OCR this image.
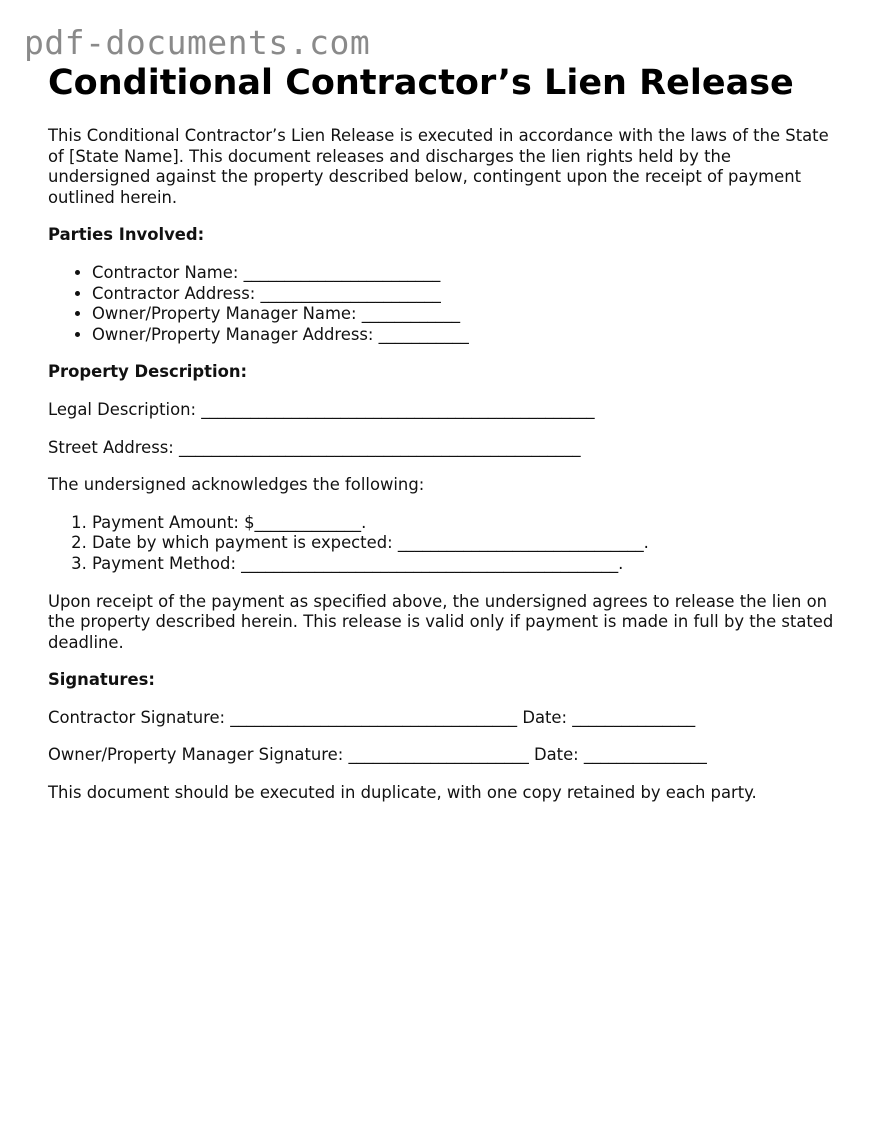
pdf-documents.com
Conditional Contractor’s Lien Release

This Conditional Contractor’s Lien Release is executed in accordance with the laws of the State of [State Name]. This document releases and discharges the lien rights held by the undersigned against the property described below, contingent upon the receipt of payment outlined herein.

Parties Involved:

• Contractor Name: ________________________
• Contractor Address: ______________________
• Owner/Property Manager Name: ____________
• Owner/Property Manager Address: ___________

Property Description:

Legal Description: ________________________________________________

Street Address: _________________________________________________

The undersigned acknowledges the following:

1. Payment Amount: $_____________.
2. Date by which payment is expected: ______________________________.
3. Payment Method: ______________________________________________.

Upon receipt of the payment as specified above, the undersigned agrees to release the lien on the property described herein. This release is valid only if payment is made in full by the stated deadline.

Signatures:

Contractor Signature: ___________________________________ Date: _______________

Owner/Property Manager Signature: ______________________ Date: _______________

This document should be executed in duplicate, with one copy retained by each party.
